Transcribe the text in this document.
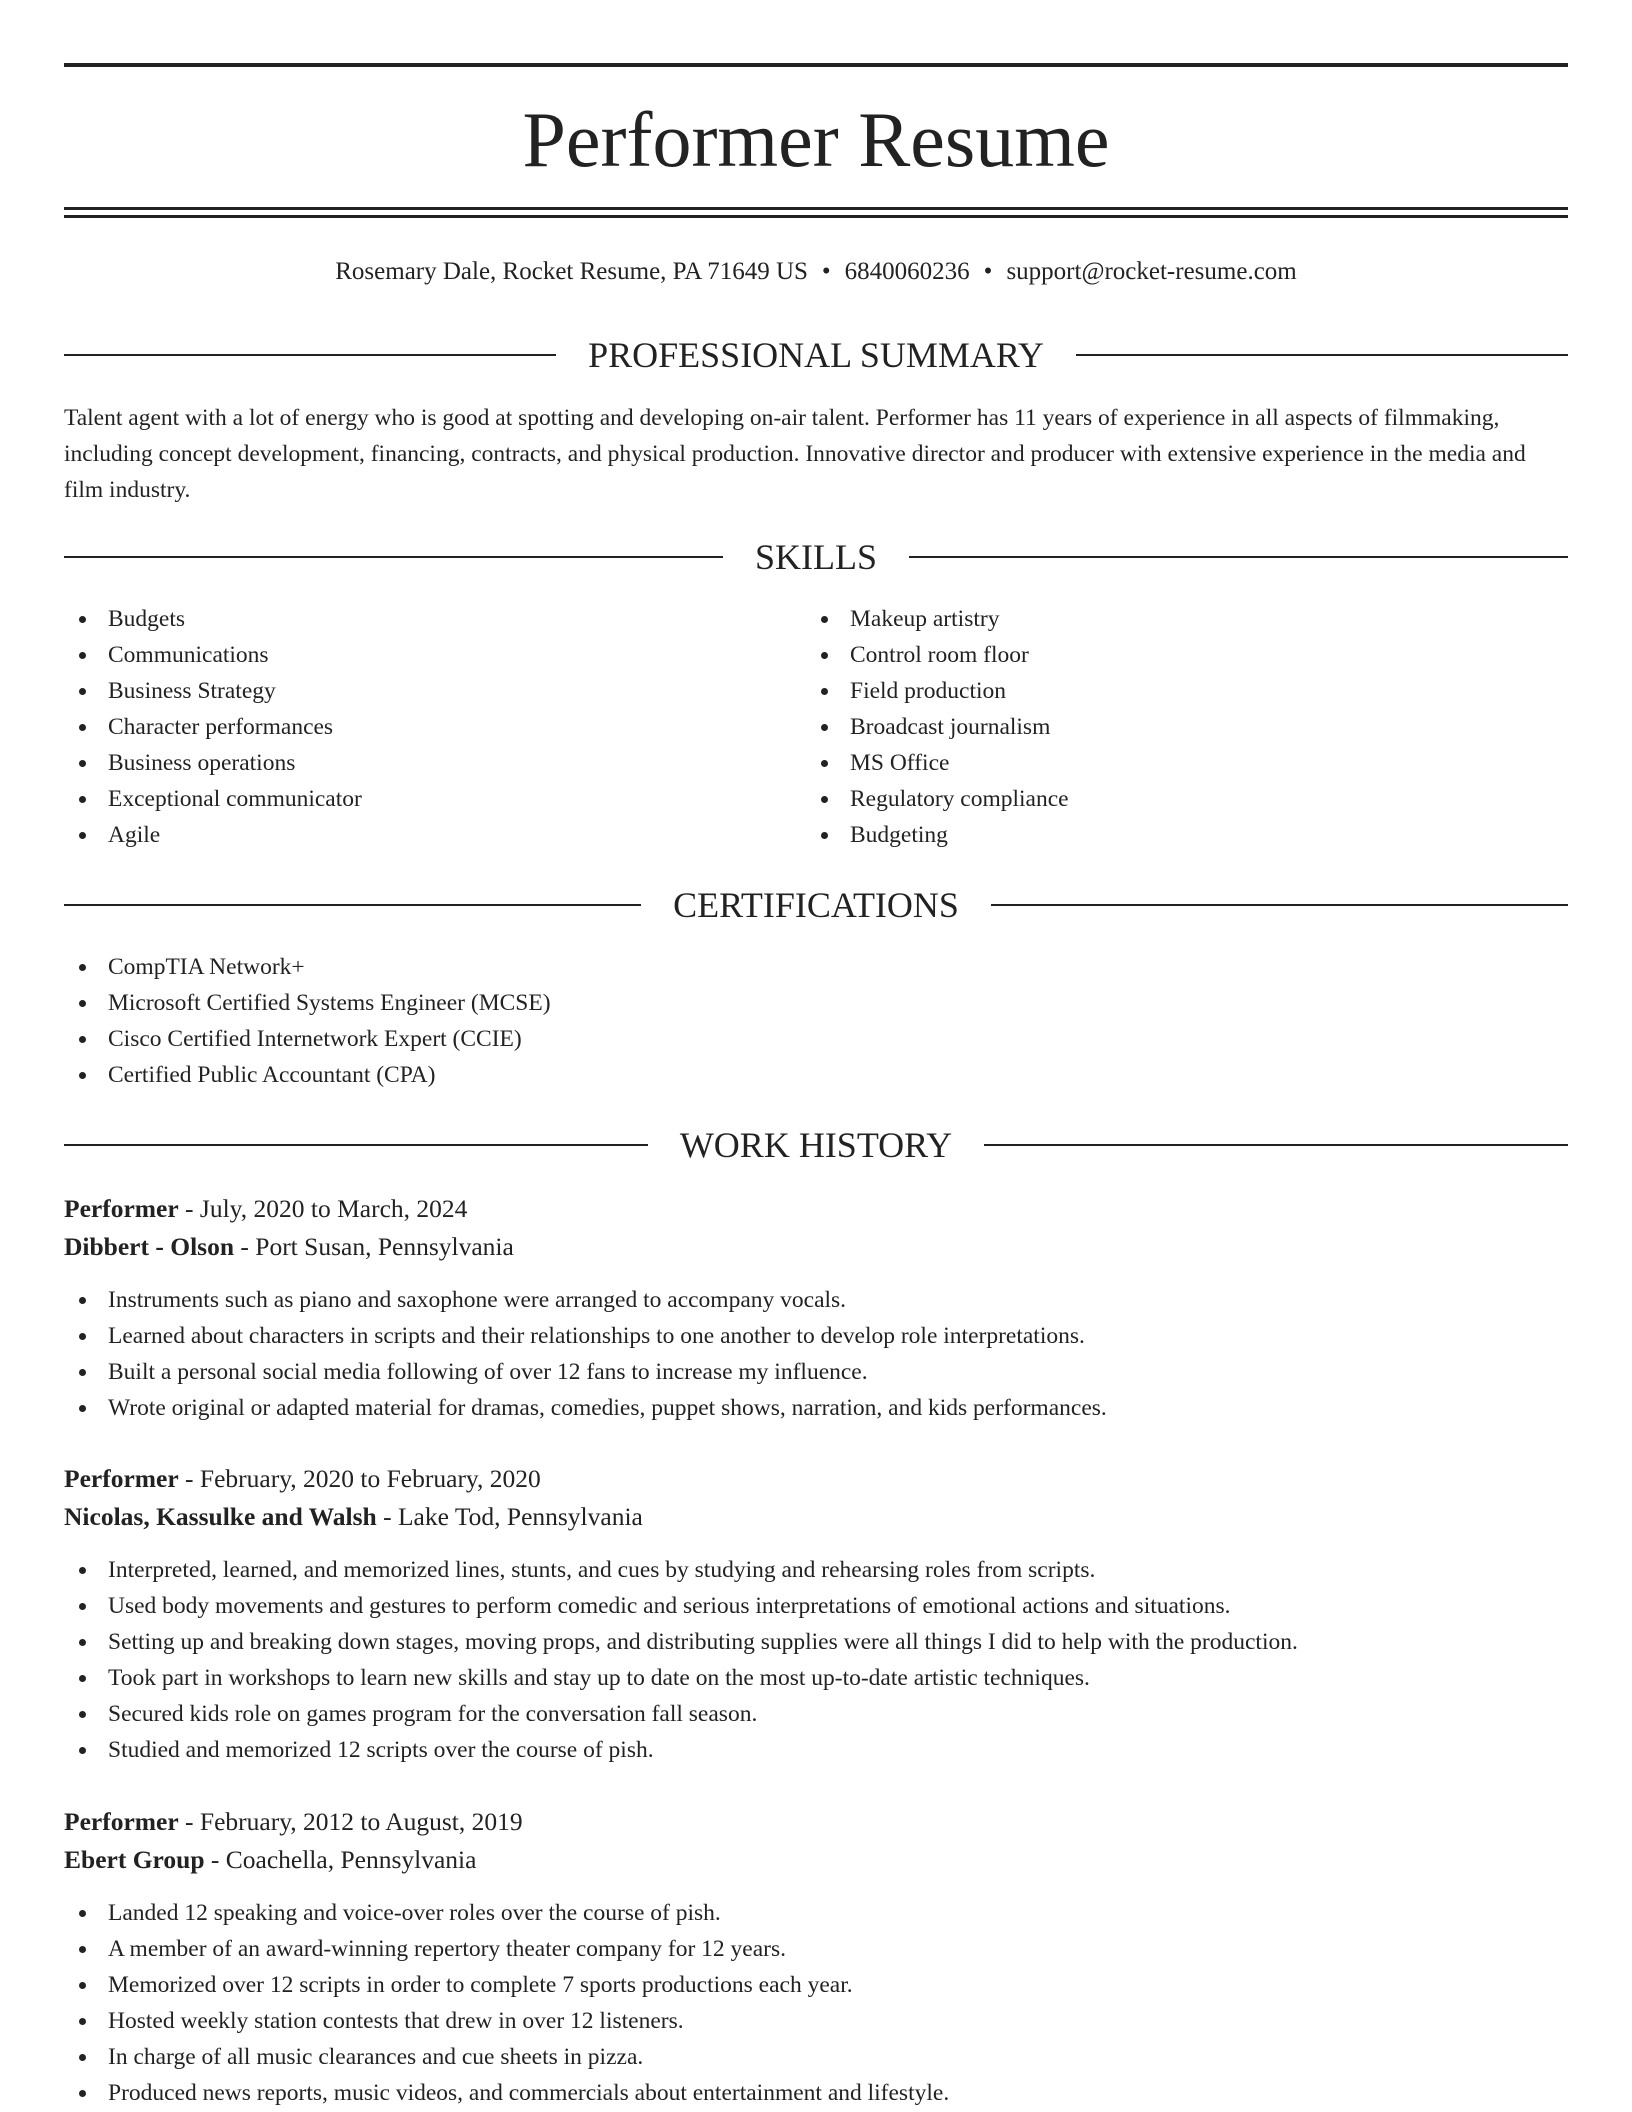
Performer Resume
Rosemary Dale, Rocket Resume, PA 71649 US • 6840060236 • support@rocket-resume.com
PROFESSIONAL SUMMARY
Talent agent with a lot of energy who is good at spotting and developing on-air talent. Performer has 11 years of experience in all aspects of filmmaking, including concept development, financing, contracts, and physical production. Innovative director and producer with extensive experience in the media and film industry.
SKILLS
Budgets
Communications
Business Strategy
Character performances
Business operations
Exceptional communicator
Agile
Makeup artistry
Control room floor
Field production
Broadcast journalism
MS Office
Regulatory compliance
Budgeting
CERTIFICATIONS
CompTIA Network+
Microsoft Certified Systems Engineer (MCSE)
Cisco Certified Internetwork Expert (CCIE)
Certified Public Accountant (CPA)
WORK HISTORY
Performer - July, 2020 to March, 2024
Dibbert - Olson - Port Susan, Pennsylvania
Instruments such as piano and saxophone were arranged to accompany vocals.
Learned about characters in scripts and their relationships to one another to develop role interpretations.
Built a personal social media following of over 12 fans to increase my influence.
Wrote original or adapted material for dramas, comedies, puppet shows, narration, and kids performances.
Performer - February, 2020 to February, 2020
Nicolas, Kassulke and Walsh - Lake Tod, Pennsylvania
Interpreted, learned, and memorized lines, stunts, and cues by studying and rehearsing roles from scripts.
Used body movements and gestures to perform comedic and serious interpretations of emotional actions and situations.
Setting up and breaking down stages, moving props, and distributing supplies were all things I did to help with the production.
Took part in workshops to learn new skills and stay up to date on the most up-to-date artistic techniques.
Secured kids role on games program for the conversation fall season.
Studied and memorized 12 scripts over the course of pish.
Performer - February, 2012 to August, 2019
Ebert Group - Coachella, Pennsylvania
Landed 12 speaking and voice-over roles over the course of pish.
A member of an award-winning repertory theater company for 12 years.
Memorized over 12 scripts in order to complete 7 sports productions each year.
Hosted weekly station contests that drew in over 12 listeners.
In charge of all music clearances and cue sheets in pizza.
Produced news reports, music videos, and commercials about entertainment and lifestyle.
